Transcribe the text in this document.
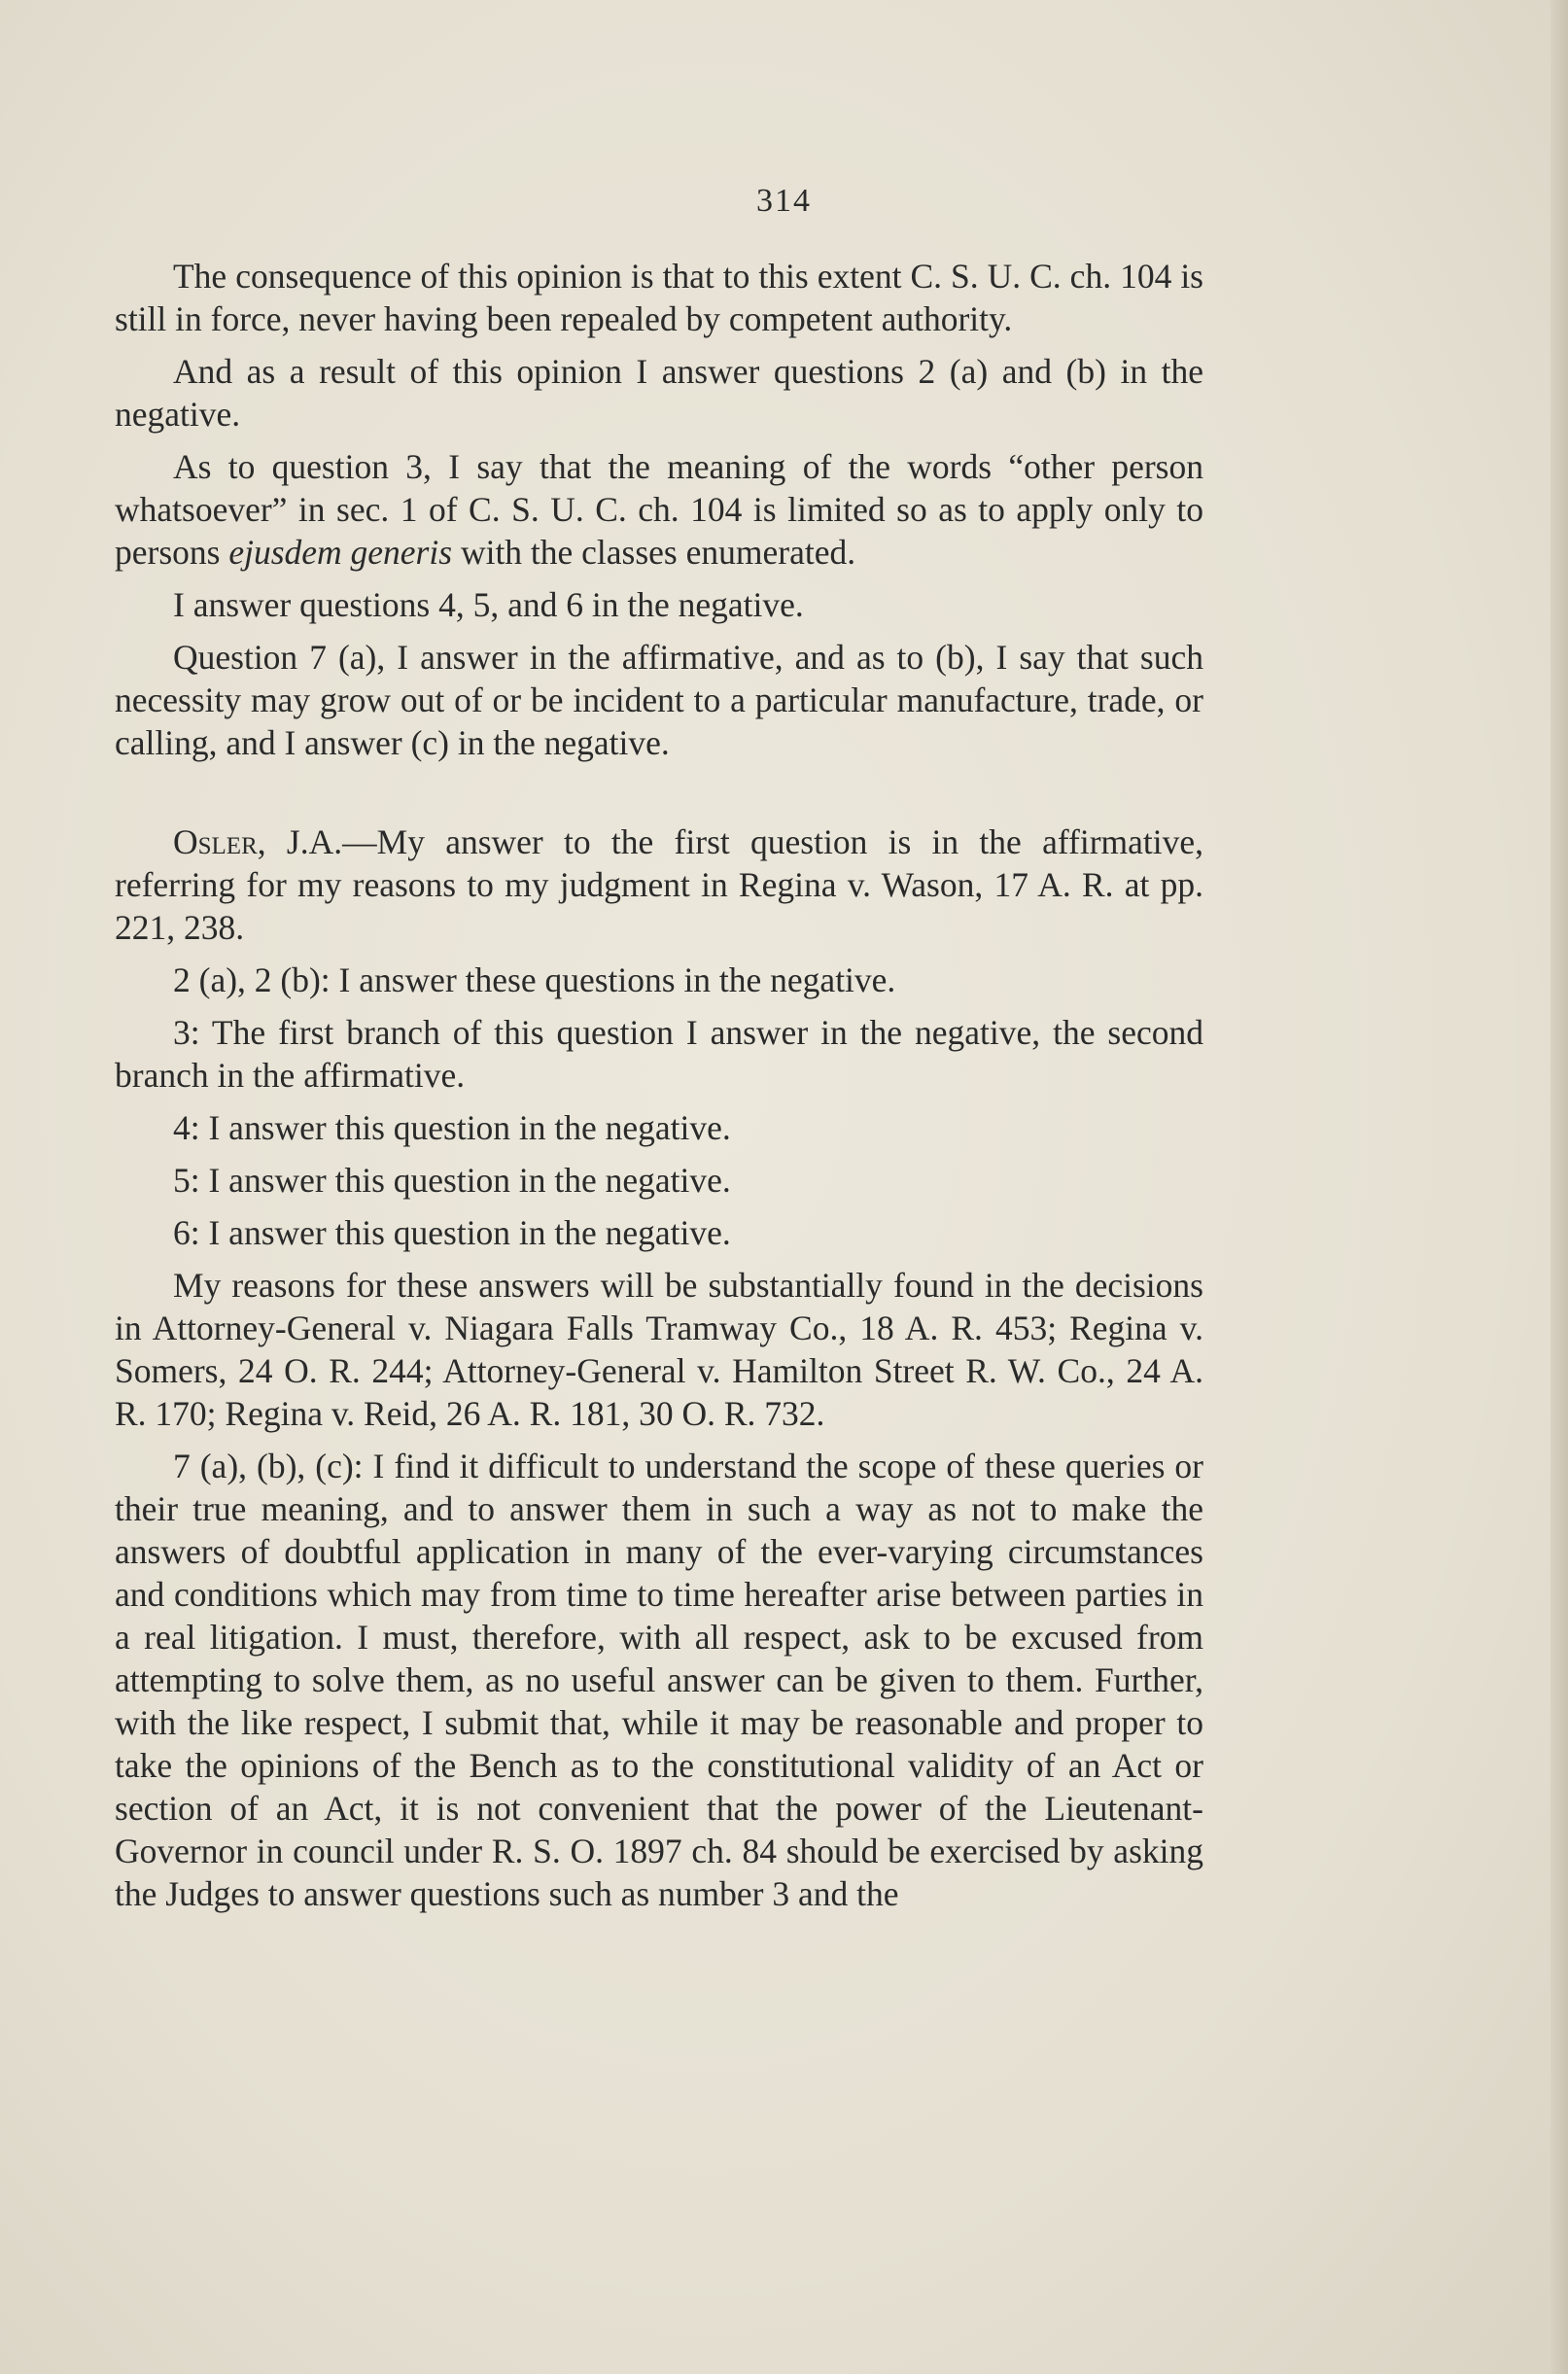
314

The consequence of this opinion is that to this extent C. S. U. C. ch. 104 is still in force, never having been repealed by competent authority.

And as a result of this opinion I answer questions 2 (a) and (b) in the negative.

As to question 3, I say that the meaning of the words “other person whatsoever” in sec. 1 of C. S. U. C. ch. 104 is limited so as to apply only to persons ejusdem generis with the classes enumerated.

I answer questions 4, 5, and 6 in the negative.

Question 7 (a), I answer in the affirmative, and as to (b), I say that such necessity may grow out of or be incident to a particular manufacture, trade, or calling, and I answer (c) in the negative.

Osler, J.A.—My answer to the first question is in the affirmative, referring for my reasons to my judgment in Regina v. Wason, 17 A. R. at pp. 221, 238.

2 (a), 2 (b): I answer these questions in the negative.

3: The first branch of this question I answer in the negative, the second branch in the affirmative.

4: I answer this question in the negative.

5: I answer this question in the negative.

6: I answer this question in the negative.

My reasons for these answers will be substantially found in the decisions in Attorney-General v. Niagara Falls Tramway Co., 18 A. R. 453; Regina v. Somers, 24 O. R. 244; Attorney-General v. Hamilton Street R. W. Co., 24 A. R. 170; Regina v. Reid, 26 A. R. 181, 30 O. R. 732.

7 (a), (b), (c): I find it difficult to understand the scope of these queries or their true meaning, and to answer them in such a way as not to make the answers of doubtful application in many of the ever-varying circumstances and conditions which may from time to time hereafter arise between parties in a real litigation. I must, therefore, with all respect, ask to be excused from attempting to solve them, as no useful answer can be given to them. Further, with the like respect, I submit that, while it may be reasonable and proper to take the opinions of the Bench as to the constitutional validity of an Act or section of an Act, it is not convenient that the power of the Lieutenant-Governor in council under R. S. O. 1897 ch. 84 should be exercised by asking the Judges to answer questions such as number 3 and the
